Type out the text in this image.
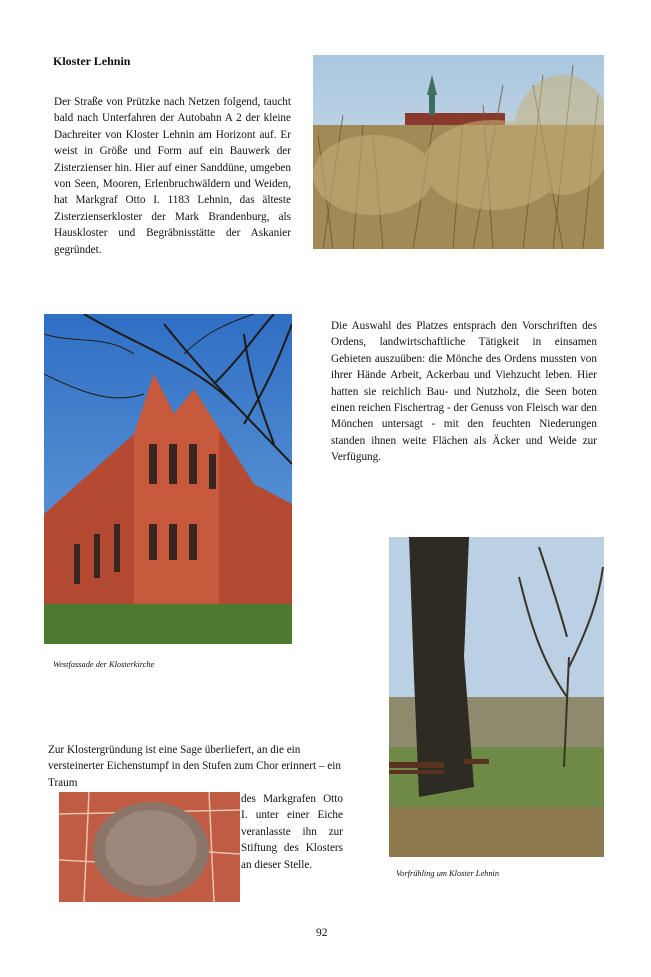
Kloster Lehnin
Der Straße von Prützke nach Netzen folgend, taucht bald nach Unterfahren der Autobahn A 2 der kleine Dachreiter von Kloster Lehnin am Horizont auf. Er weist in Größe und Form auf ein Bauwerk der Zisterzienser hin. Hier auf einer Sanddüne, umgeben von Seen, Mooren, Erlenbruchwäldern und Weiden, hat Markgraf Otto I. 1183 Lehnin, das älteste Zisterzienserkloster der Mark Brandenburg, als Hauskloster und Begräbnisstätte der Askanier gegründet.
Westfassade der Klosterkirche
Die Auswahl des Platzes entsprach den Vorschriften des Ordens, landwirtschaftliche Tätigkeit in einsamen Gebieten auszuüben: die Mönche des Ordens mussten von ihrer Hände Arbeit, Ackerbau und Viehzucht leben. Hier hatten sie reichlich Bau- und Nutzholz, die Seen boten einen reichen Fischertrag - der Genuss von Fleisch war den Mönchen untersagt - mit den feuchten Niederungen standen ihnen weite Flächen als Äcker und Weide zur Verfügung.
Vorfrühling um Kloster Lehnin
Zur Klostergründung ist eine Sage überliefert, an die ein versteinerter Eichenstumpf in den Stufen zum Chor erinnert – ein Traum
des Markgrafen Otto I. unter einer Eiche veranlasste ihn zur Stiftung des Klosters an dieser Stelle.
92
